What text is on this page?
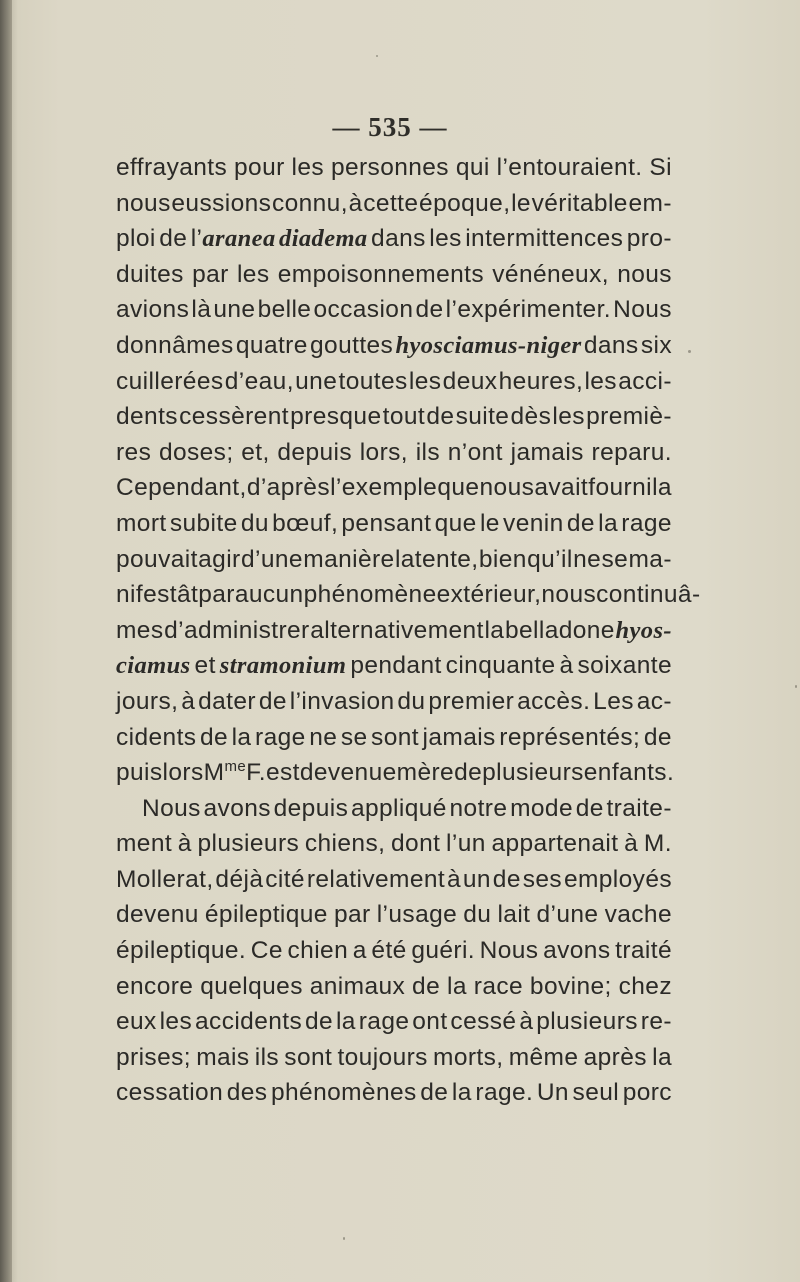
— 535 —
effrayants pour les personnes qui l’entouraient. Si
nous eussions connu, à cette époque, le véritable em-
ploi de l’aranea diadema dans les intermittences pro-
duites par les empoisonnements vénéneux, nous
avions là une belle occasion de l’expérimenter. Nous
donnâmes quatre gouttes hyosciamus-niger dans six
cuillerées d’eau, une toutes les deux heures, les acci-
dents cessèrent presque tout de suite dès les premiè-
res doses; et, depuis lors, ils n’ont jamais reparu.
Cependant, d’après l’exemple que nous avait fourni la
mort subite du bœuf, pensant que le venin de la rage
pouvait agir d’une manière latente, bien qu’il ne se ma-
nifestât par aucun phénomène extérieur, nous continuâ-
mes d’administrer alternativement la belladone hyos-
ciamus et stramonium pendant cinquante à soixante
jours, à dater de l’invasion du premier accès. Les ac-
cidents de la rage ne se sont jamais représentés; de
puis lors $M^{me}$ F. est devenue mère de plusieurs enfants.
Nous avons depuis appliqué notre mode de traite-
ment à plusieurs chiens, dont l’un appartenait à M.
Mollerat, déjà cité relativement à un de ses employés
devenu épileptique par l’usage du lait d’une vache
épileptique. Ce chien a été guéri. Nous avons traité
encore quelques animaux de la race bovine; chez
eux les accidents de la rage ont cessé à plusieurs re-
prises; mais ils sont toujours morts, même après la
cessation des phénomènes de la rage. Un seul porc
